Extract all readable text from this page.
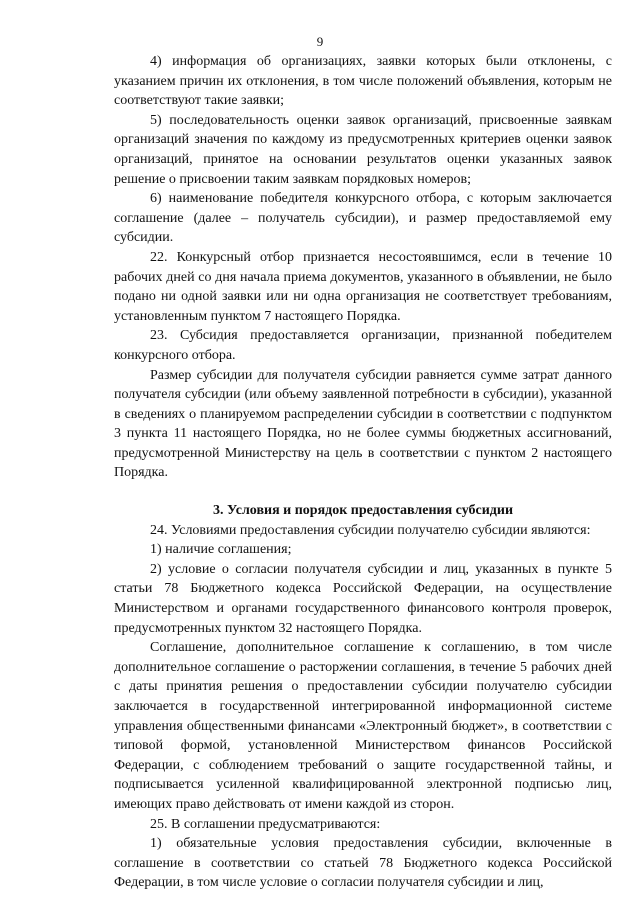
9

4) информация об организациях, заявки которых были отклонены, с указанием причин их отклонения, в том числе положений объявления, которым не соответствуют такие заявки;

5) последовательность оценки заявок организаций, присвоенные заявкам организаций значения по каждому из предусмотренных критериев оценки заявок организаций, принятое на основании результатов оценки указанных заявок решение о присвоении таким заявкам порядковых номеров;

6) наименование победителя конкурсного отбора, с которым заключается соглашение (далее – получатель субсидии), и размер предоставляемой ему субсидии.

22. Конкурсный отбор признается несостоявшимся, если в течение 10 рабочих дней со дня начала приема документов, указанного в объявлении, не было подано ни одной заявки или ни одна организация не соответствует требованиям, установленным пунктом 7 настоящего Порядка.

23. Субсидия предоставляется организации, признанной победителем конкурсного отбора.

Размер субсидии для получателя субсидии равняется сумме затрат данного получателя субсидии (или объему заявленной потребности в субсидии), указанной в сведениях о планируемом распределении субсидии в соответствии с подпунктом 3 пункта 11 настоящего Порядка, но не более суммы бюджетных ассигнований, предусмотренной Министерству на цель в соответствии с пунктом 2 настоящего Порядка.

3. Условия и порядок предоставления субсидии

24. Условиями предоставления субсидии получателю субсидии являются:

1) наличие соглашения;

2) условие о согласии получателя субсидии и лиц, указанных в пункте 5 статьи 78 Бюджетного кодекса Российской Федерации, на осуществление Министерством и органами государственного финансового контроля проверок, предусмотренных пунктом 32 настоящего Порядка.

Соглашение, дополнительное соглашение к соглашению, в том числе дополнительное соглашение о расторжении соглашения, в течение 5 рабочих дней с даты принятия решения о предоставлении субсидии получателю субсидии заключается в государственной интегрированной информационной системе управления общественными финансами «Электронный бюджет», в соответствии с типовой формой, установленной Министерством финансов Российской Федерации, с соблюдением требований о защите государственной тайны, и подписывается усиленной квалифицированной электронной подписью лиц, имеющих право действовать от имени каждой из сторон.

25. В соглашении предусматриваются:

1) обязательные условия предоставления субсидии, включенные в соглашение в соответствии со статьей 78 Бюджетного кодекса Российской Федерации, в том числе условие о согласии получателя субсидии и лиц,
